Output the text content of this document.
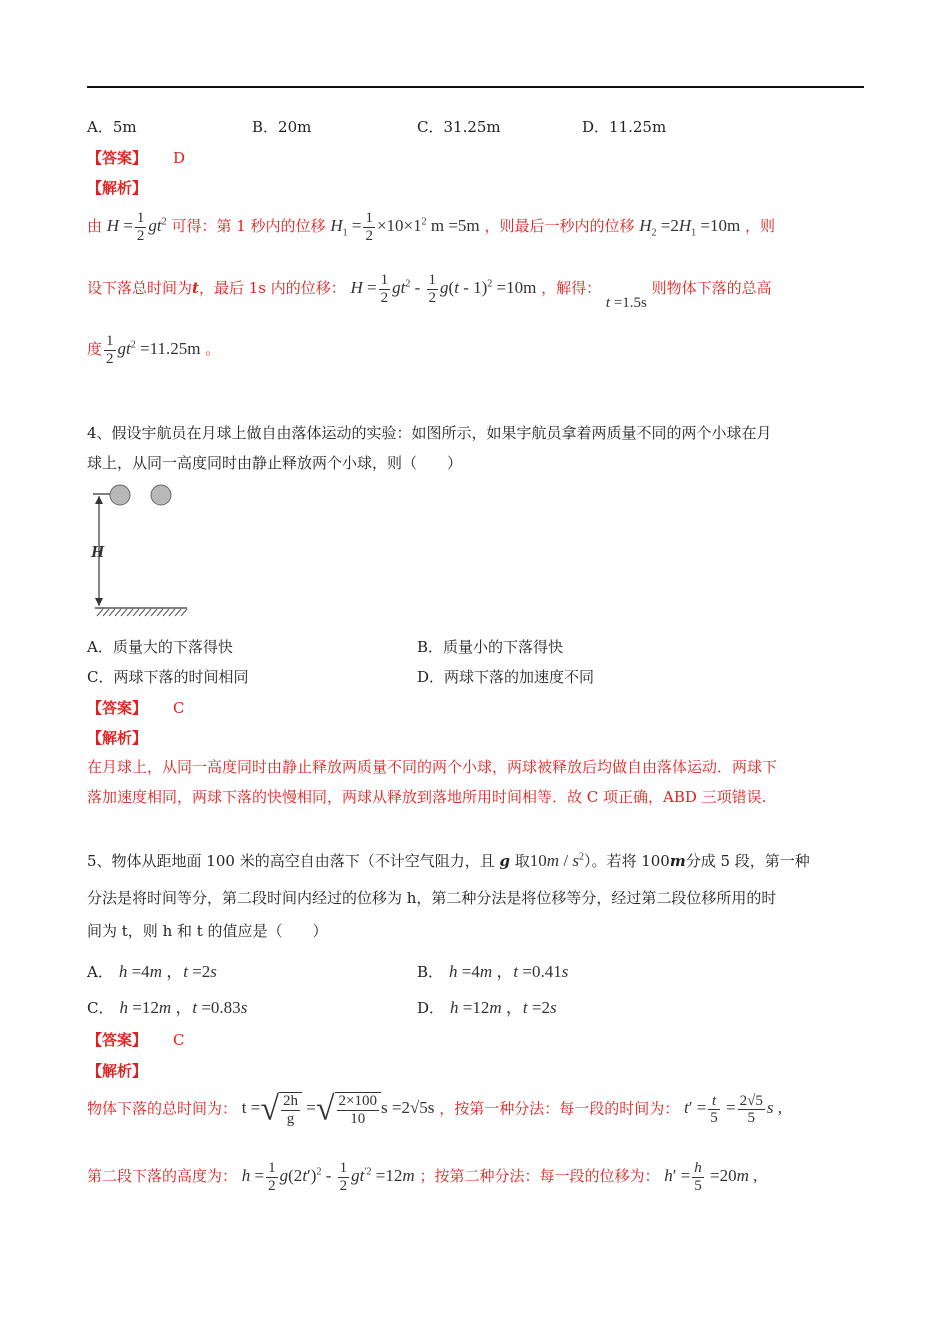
A．5m	B．20m	C．31.25m	D．11.25m
【答案】 D
【解析】
由 $H = \frac{1}{2} gt^2$ 可得：第 1 秒内的位移 $H_1 = \frac{1}{2} \times 10\times 1^2$ m =5m ，则最后一秒内的位移 $H_2 =2H_1 =10m$ ，则
设下落总时间为t，最后 1s 内的位移： $H = \frac{1}{2} gt^2 - \frac{1}{2} g(t - 1)^2 =10m$ ，解得： t =1.5s 则物体下落的总高
度 $\frac{1}{2} gt^2 =11.25m$ 。
4、假设宇航员在月球上做自由落体运动的实验：如图所示，如果宇航员拿着两质量不同的两个小球在月
球上，从同一高度同时由静止释放两个小球，则（　　）
H
A．质量大的下落得快	B．质量小的下落得快
C．两球下落的时间相同	D．两球下落的加速度不同
【答案】 C
【解析】
在月球上，从同一高度同时由静止释放两质量不同的两个小球，两球被释放后均做自由落体运动．两球下
落加速度相同，两球下落的快慢相同，两球从释放到落地所用时间相等．故 C 项正确，ABD 三项错误.
5、物体从距地面 100 米的高空自由落下（不计空气阻力，且 g 取$10m / s^2$）。若将 100m分成 5 段，第一种
分法是将时间等分，第二段时间内经过的位移为 h，第二种分法是将位移等分，经过第二段位移所用的时
间为 t，则 h 和 t 的值应是（　　）
A． h =4m ，t =2s	B． h =4m ，t =0.41s
C． h =12m ，t =0.83s	D． h =12m ，t =2s
【答案】 C
【解析】
物体下落的总时间为： t =√ $\frac{2h}{g}$ =√ $\frac{2\times 100}{10}$ s =2√5s ，按第一种分法：每一段的时间为： $t' = \frac{t}{5} = \frac{2√5}{5}$ s ,
第二段下落的高度为： $h = \frac{1}{2} g(2t')^2 - \frac{1}{2} gt^{'2} =12m$ ；按第二种分法：每一段的位移为： $h' = \frac{h}{5} =20m$ ,
